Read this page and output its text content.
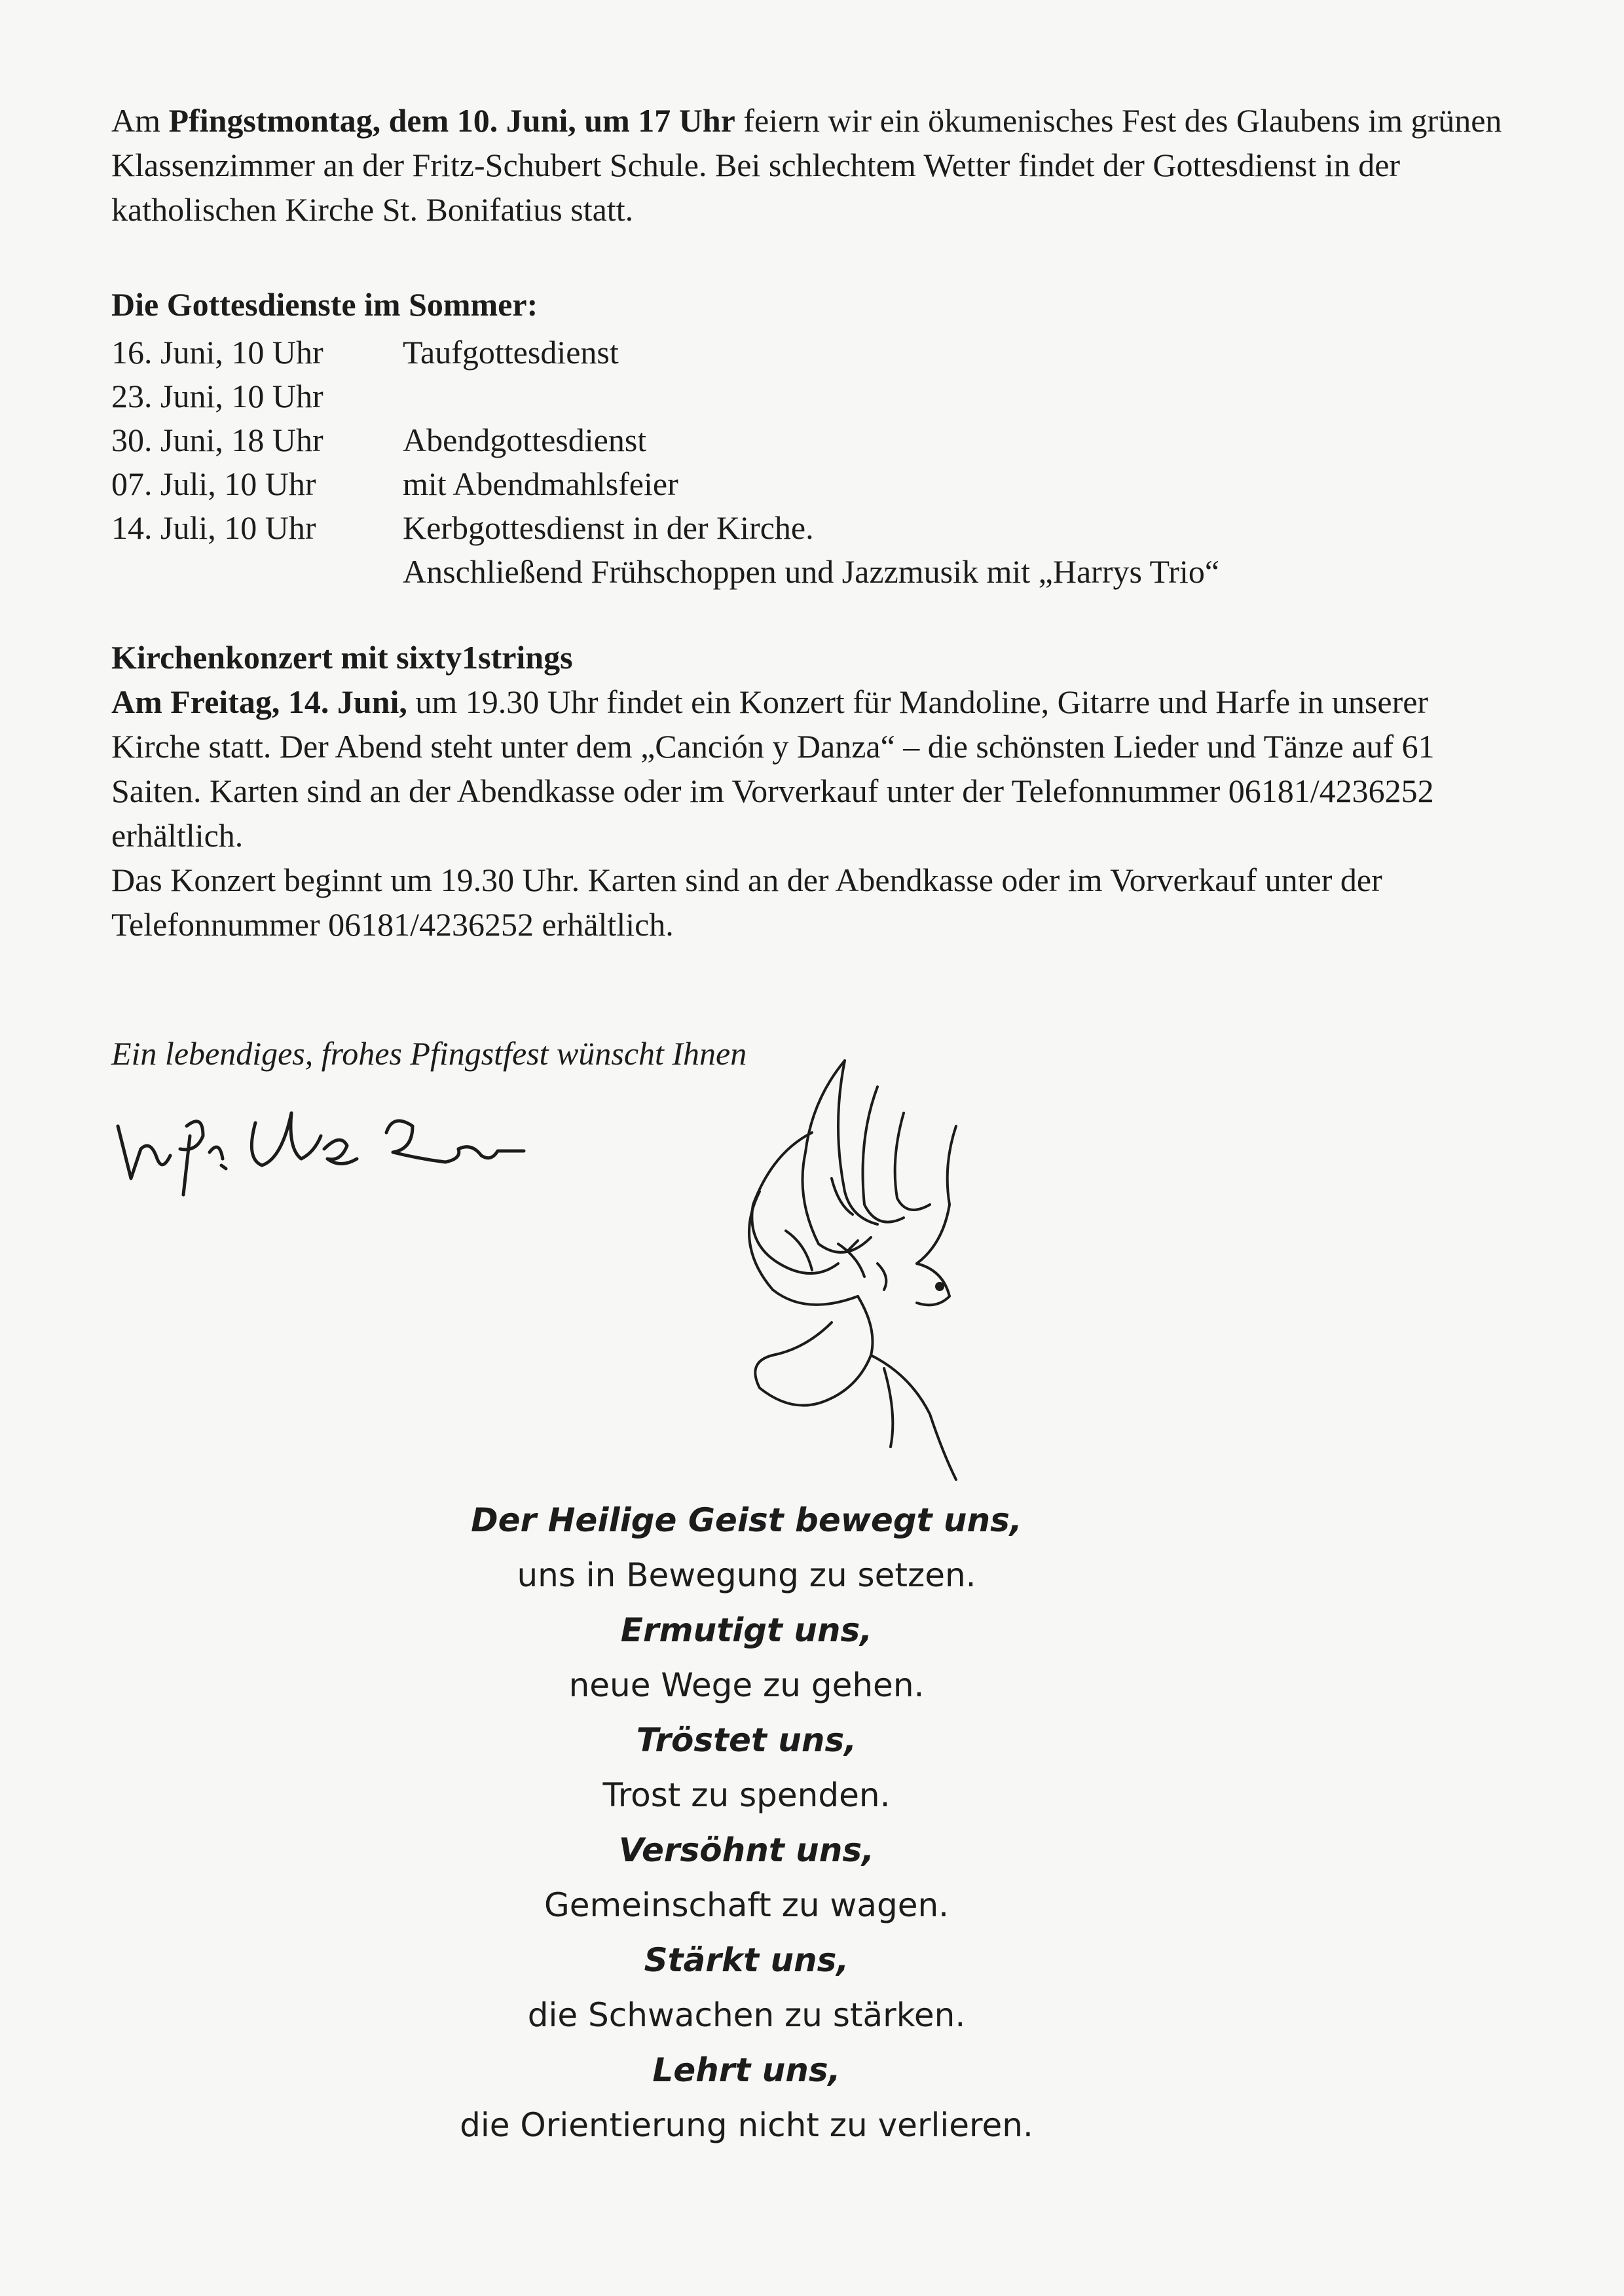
Am Pfingstmontag, dem 10. Juni, um 17 Uhr feiern wir ein ökumenisches Fest des Glaubens im grünen Klassenzimmer an der Fritz-Schubert Schule. Bei schlechtem Wetter findet der Gottesdienst in der katholischen Kirche St. Bonifatius statt.
Die Gottesdienste im Sommer:
16. Juni, 10 Uhr	Taufgottesdienst
23. Juni, 10 Uhr
30. Juni, 18 Uhr	Abendgottesdienst
07. Juli, 10 Uhr	mit Abendmahlsfeier
14. Juli, 10 Uhr	Kerbgottesdienst in der Kirche.
Anschließend Frühschoppen und Jazzmusik mit „Harrys Trio“
Kirchenkonzert mit sixty1strings
Am Freitag, 14. Juni, um 19.30 Uhr findet ein Konzert für Mandoline, Gitarre und Harfe in unserer Kirche statt. Der Abend steht unter dem „Canción y Danza“ – die schönsten Lieder und Tänze auf 61 Saiten. Karten sind an der Abendkasse oder im Vorverkauf unter der Telefonnummer 06181/4236252 erhältlich.
Das Konzert beginnt um 19.30 Uhr. Karten sind an der Abendkasse oder im Vorverkauf unter der Telefonnummer 06181/4236252 erhältlich.
Ein lebendiges, frohes Pfingstfest wünscht Ihnen
Der Heilige Geist bewegt uns,
uns in Bewegung zu setzen.
Ermutigt uns,
neue Wege zu gehen.
Tröstet uns,
Trost zu spenden.
Versöhnt uns,
Gemeinschaft zu wagen.
Stärkt uns,
die Schwachen zu stärken.
Lehrt uns,
die Orientierung nicht zu verlieren.
